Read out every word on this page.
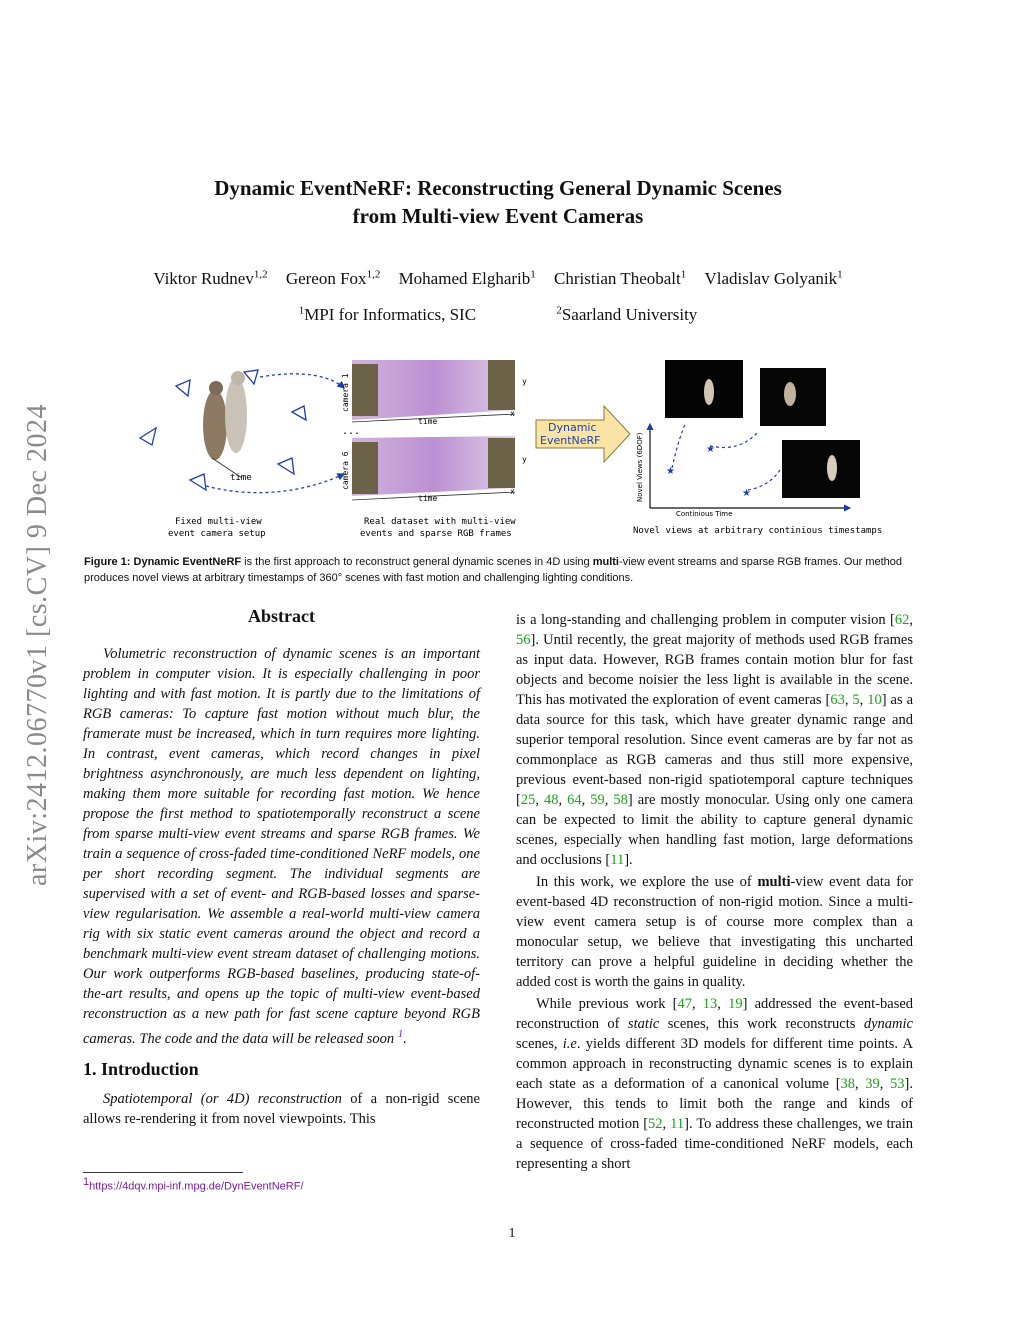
arXiv:2412.06770v1 [cs.CV] 9 Dec 2024
Dynamic EventNeRF: Reconstructing General Dynamic Scenes
from Multi-view Event Cameras
Viktor Rudnev$^{1,2}$ Gereon Fox$^{1,2}$ Mohamed Elgharib$^1$ Christian Theobalt$^1$ Vladislav Golyanik$^1$
$^1$MPI for Informatics, SIC	$^2$Saarland University
time
time
y
x
camera 1
...
time
y
x
camera 6
Dynamic
EventNeRF	Novel Views (6DOF)
Continious Time
★
★
★
Fixed multi-view
event camera setup
Real dataset with multi-view
events and sparse RGB frames	Novel views at arbitrary continious timestamps
Figure 1: Dynamic EventNeRF is the first approach to reconstruct general dynamic scenes in 4D using multi-view event streams and sparse RGB frames. Our method produces novel views at arbitrary timestamps of 360° scenes with fast motion and challenging lighting conditions.
Abstract
Volumetric reconstruction of dynamic scenes is an important problem in computer vision. It is especially challenging in poor lighting and with fast motion. It is partly due to the limitations of RGB cameras: To capture fast motion without much blur, the framerate must be increased, which in turn requires more lighting. In contrast, event cameras, which record changes in pixel brightness asynchronously, are much less dependent on lighting, making them more suitable for recording fast motion. We hence propose the first method to spatiotemporally reconstruct a scene from sparse multi-view event streams and sparse RGB frames. We train a sequence of cross-faded time-conditioned NeRF models, one per short recording segment. The individual segments are supervised with a set of event- and RGB-based losses and sparse-view regularisation. We assemble a real-world multi-view camera rig with six static event cameras around the object and record a benchmark multi-view event stream dataset of challenging motions. Our work outperforms RGB-based baselines, producing state-of-the-art results, and opens up the topic of multi-view event-based reconstruction as a new path for fast scene capture beyond RGB cameras. The code and the data will be released soon $^1$.
1. Introduction
Spatiotemporal (or 4D) reconstruction of a non-rigid scene allows re-rendering it from novel viewpoints. This
$^1$https://4dqv.mpi-inf.mpg.de/DynEventNeRF/
is a long-standing and challenging problem in computer vision [62, 56]. Until recently, the great majority of methods used RGB frames as input data. However, RGB frames contain motion blur for fast objects and become noisier the less light is available in the scene. This has motivated the exploration of event cameras [63, 5, 10] as a data source for this task, which have greater dynamic range and superior temporal resolution. Since event cameras are by far not as commonplace as RGB cameras and thus still more expensive, previous event-based non-rigid spatiotemporal capture techniques [25, 48, 64, 59, 58] are mostly monocular. Using only one camera can be expected to limit the ability to capture general dynamic scenes, especially when handling fast motion, large deformations and occlusions [11].
In this work, we explore the use of multi-view event data for event-based 4D reconstruction of non-rigid motion. Since a multi-view event camera setup is of course more complex than a monocular setup, we believe that investigating this uncharted territory can prove a helpful guideline in deciding whether the added cost is worth the gains in quality.
While previous work [47, 13, 19] addressed the event-based reconstruction of static scenes, this work reconstructs dynamic scenes, i.e. yields different 3D models for different time points. A common approach in reconstructing dynamic scenes is to explain each state as a deformation of a canonical volume [38, 39, 53]. However, this tends to limit both the range and kinds of reconstructed motion [52, 11]. To address these challenges, we train a sequence of cross-faded time-conditioned NeRF models, each representing a short
1
